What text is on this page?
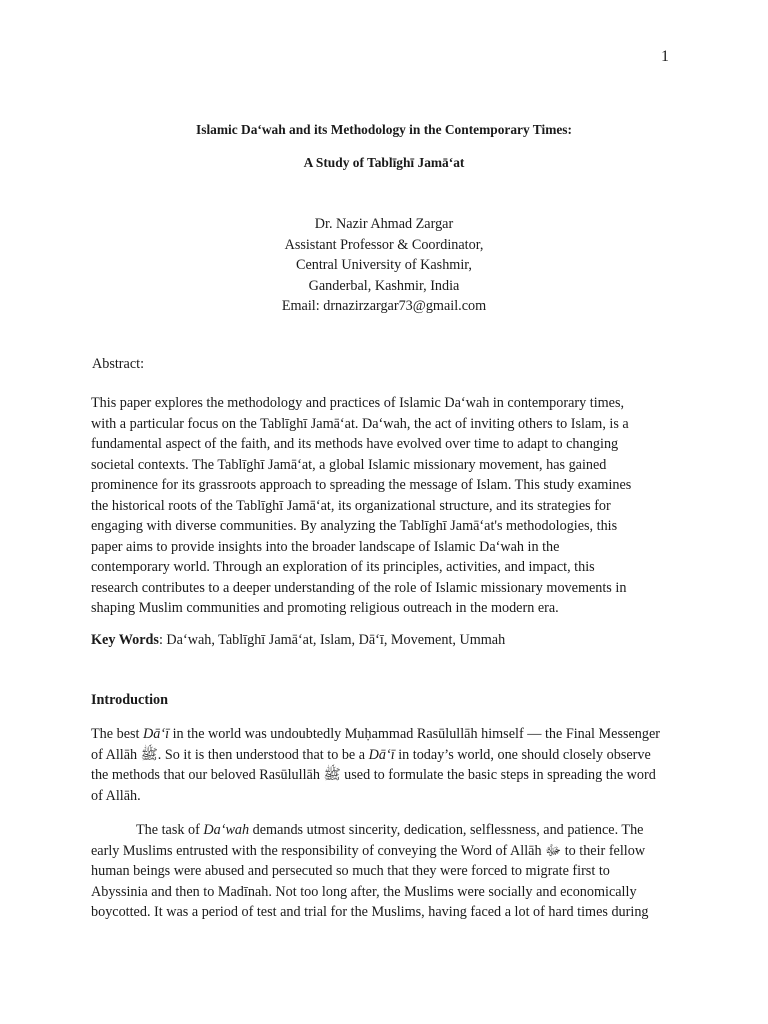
1

Islamic Da‘wah and its Methodology in the Contemporary Times:

A Study of Tablīghī Jamā‘at

Dr. Nazir Ahmad Zargar
Assistant Professor & Coordinator,
Central University of Kashmir,
Ganderbal, Kashmir, India
Email: drnazirzargar73@gmail.com
Abstract:
This paper explores the methodology and practices of Islamic Da‘wah in contemporary times,
with a particular focus on the Tablīghī Jamā‘at. Da‘wah, the act of inviting others to Islam, is a
fundamental aspect of the faith, and its methods have evolved over time to adapt to changing
societal contexts. The Tablīghī Jamā‘at, a global Islamic missionary movement, has gained
prominence for its grassroots approach to spreading the message of Islam. This study examines
the historical roots of the Tablīghī Jamā‘at, its organizational structure, and its strategies for
engaging with diverse communities. By analyzing the Tablīghī Jamā‘at's methodologies, this
paper aims to provide insights into the broader landscape of Islamic Da‘wah in the
contemporary world. Through an exploration of its principles, activities, and impact, this
research contributes to a deeper understanding of the role of Islamic missionary movements in
shaping Muslim communities and promoting religious outreach in the modern era.
Key Words: Da‘wah, Tablīghī Jamā‘at, Islam, Dā‘ī, Movement, Ummah
Introduction
The best Dā‘ī in the world was undoubtedly Muḥammad Rasūlullāh himself — the Final Messenger
of Allāh ﷺ. So it is then understood that to be a Dā‘ī in today’s world, one should closely observe
the methods that our beloved Rasūlullāh ﷺ used to formulate the basic steps in spreading the word
of Allāh.
The task of Da‘wah demands utmost sincerity, dedication, selflessness, and patience. The
early Muslims entrusted with the responsibility of conveying the Word of Allāh ﷻ to their fellow
human beings were abused and persecuted so much that they were forced to migrate first to
Abyssinia and then to Madīnah. Not too long after, the Muslims were socially and economically
boycotted. It was a period of test and trial for the Muslims, having faced a lot of hard times during
